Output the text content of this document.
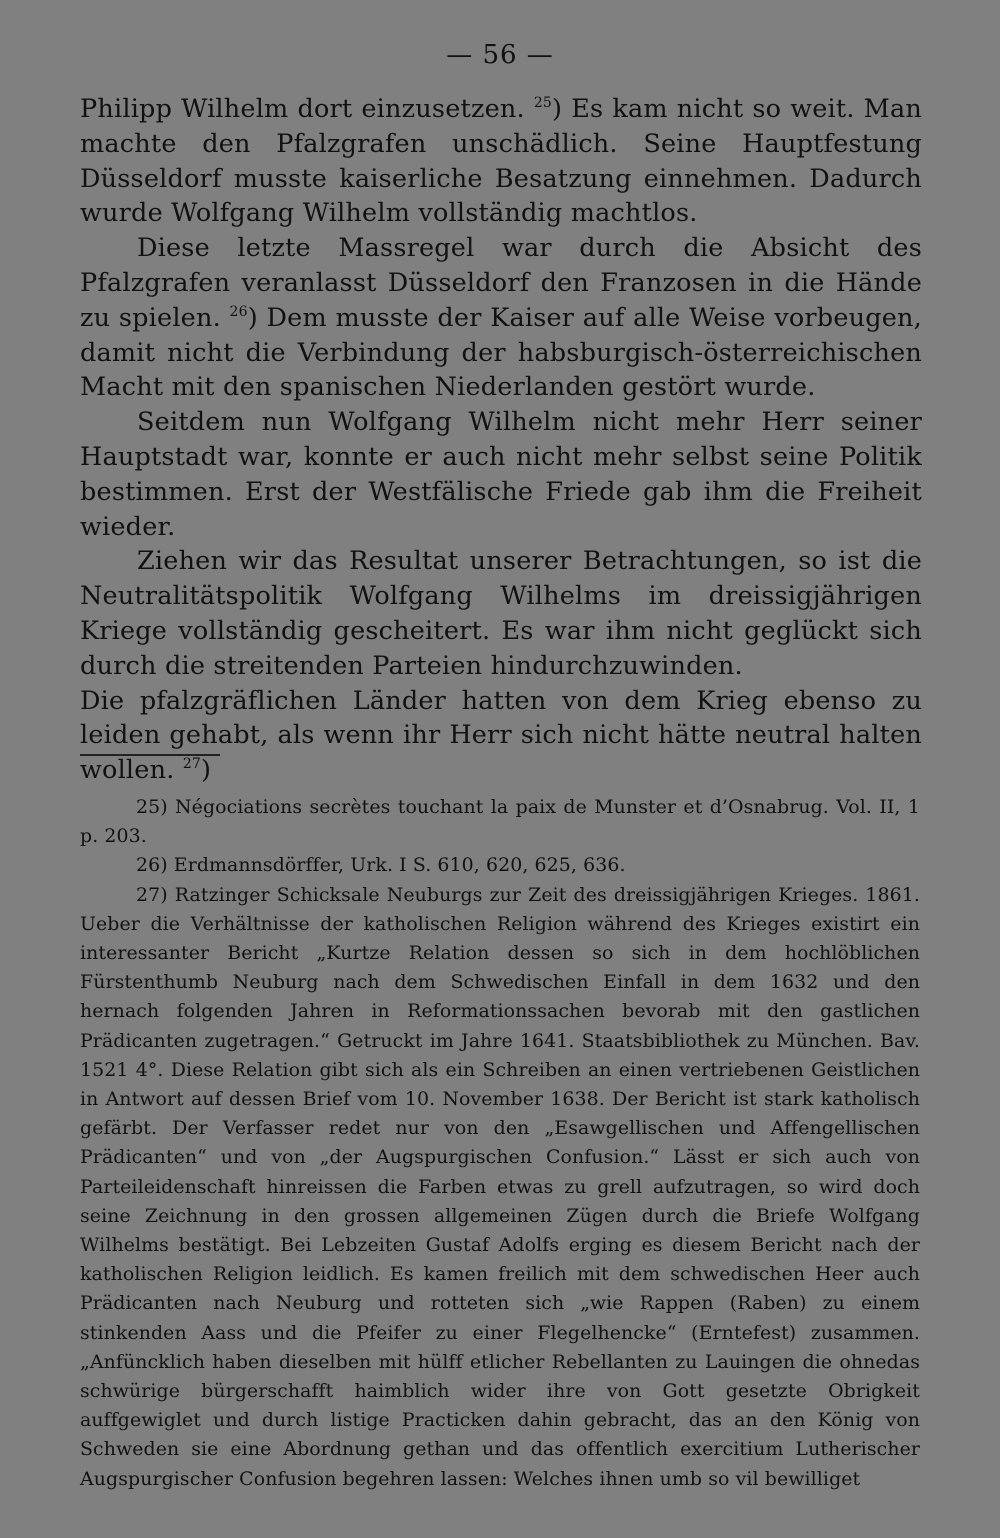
— 56 —

Philipp Wilhelm dort einzusetzen. $^{25}$) Es kam nicht so weit. Man machte den Pfalzgrafen unschädlich. Seine Hauptfestung Düsseldorf musste kaiserliche Besatzung einnehmen. Dadurch wurde Wolfgang Wilhelm vollständig machtlos.

Diese letzte Massregel war durch die Absicht des Pfalzgrafen veranlasst Düsseldorf den Franzosen in die Hände zu spielen. $^{26}$) Dem musste der Kaiser auf alle Weise vorbeugen, damit nicht die Verbindung der habsburgisch-österreichischen Macht mit den spanischen Niederlanden gestört wurde.

Seitdem nun Wolfgang Wilhelm nicht mehr Herr seiner Hauptstadt war, konnte er auch nicht mehr selbst seine Politik bestimmen. Erst der Westfälische Friede gab ihm die Freiheit wieder.

Ziehen wir das Resultat unserer Betrachtungen, so ist die Neutralitätspolitik Wolfgang Wilhelms im dreissigjährigen Kriege vollständig gescheitert. Es war ihm nicht geglückt sich durch die streitenden Parteien hindurchzuwinden.

Die pfalzgräflichen Länder hatten von dem Krieg ebenso zu leiden gehabt, als wenn ihr Herr sich nicht hätte neutral halten wollen. $^{27}$)

25) Négociations secrètes touchant la paix de Munster et d’Osnabrug. Vol. II, 1 p. 203.

26) Erdmannsdörffer, Urk. I S. 610, 620, 625, 636.

27) Ratzinger Schicksale Neuburgs zur Zeit des dreissigjährigen Krieges. 1861. Ueber die Verhältnisse der katholischen Religion während des Krieges existirt ein interessanter Bericht „Kurtze Relation dessen so sich in dem hochlöblichen Fürstenthumb Neuburg nach dem Schwedischen Einfall in dem 1632 und den hernach folgenden Jahren in Reformationssachen bevorab mit den gastlichen Prädicanten zugetragen.“ Getruckt im Jahre 1641. Staatsbibliothek zu München. Bav. 1521 4°. Diese Relation gibt sich als ein Schreiben an einen vertriebenen Geistlichen in Antwort auf dessen Brief vom 10. November 1638. Der Bericht ist stark katholisch gefärbt. Der Verfasser redet nur von den „Esawgellischen und Affengellischen Prädicanten“ und von „der Augspurgischen Confusion.“ Lässt er sich auch von Parteileidenschaft hinreissen die Farben etwas zu grell aufzutragen, so wird doch seine Zeichnung in den grossen allgemeinen Zügen durch die Briefe Wolfgang Wilhelms bestätigt. Bei Lebzeiten Gustaf Adolfs erging es diesem Bericht nach der katholischen Religion leidlich. Es kamen freilich mit dem schwedischen Heer auch Prädicanten nach Neuburg und rotteten sich „wie Rappen (Raben) zu einem stinkenden Aass und die Pfeifer zu einer Flegelhencke“ (Erntefest) zusammen. „Anfüncklich haben dieselben mit hülff etlicher Rebellanten zu Lauingen die ohnedas schwürige bürgerschafft haimblich wider ihre von Gott gesetzte Obrigkeit auffgewiglet und durch listige Practicken dahin gebracht, das an den König von Schweden sie eine Abordnung gethan und das offentlich exercitium Lutherischer Augspurgischer Confusion begehren lassen: Welches ihnen umb so vil bewilliget
